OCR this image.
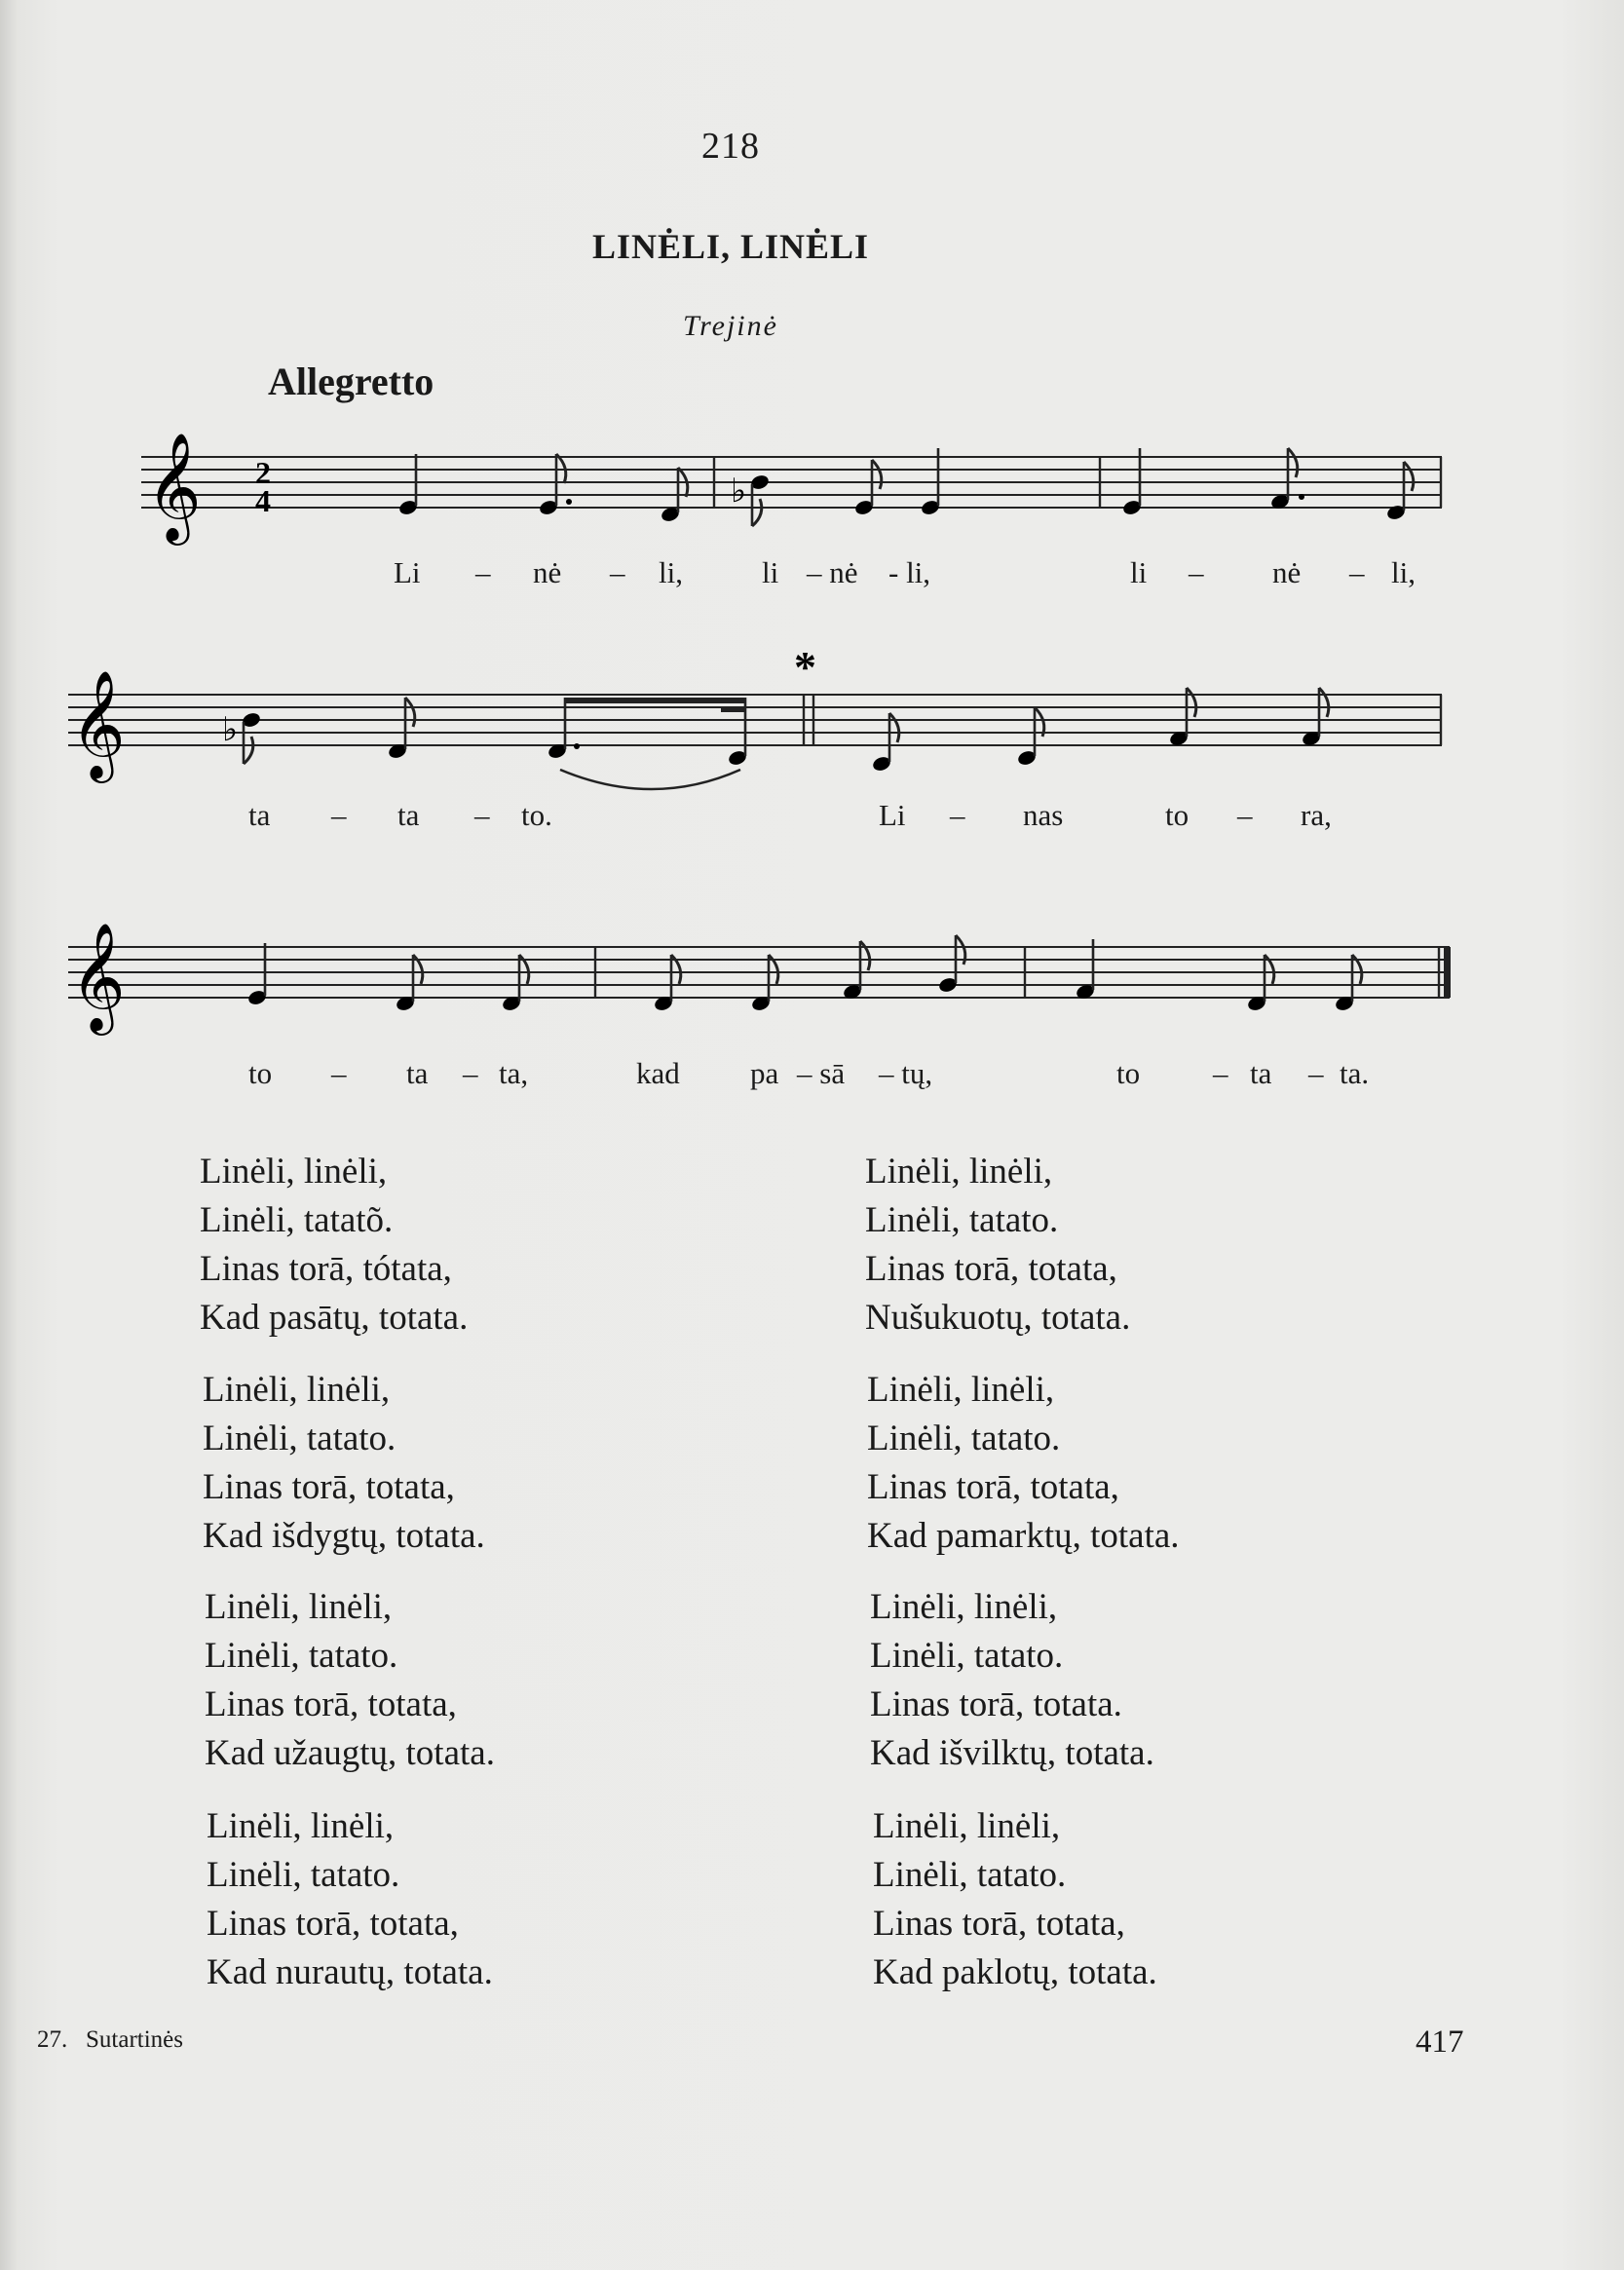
218
LINĖLI, LINĖLI
Trejinė
Allegretto
𝄞 2
4	♭
Li – nė – li,	li – nė - li,	li – nė – li,
𝄞
*
♭
ta – ta – to.	Li – nas	to – ra,
𝄞
to – ta – ta,	kad pa – sā – tų,	to – ta – ta.
Linėli, linėli,
Linėli, tatatõ.
Linas torā, tótata,
Kad pasātų, totata.
Linėli, linėli,
Linėli, tatato.
Linas torā, totata,
Kad išdygtų, totata.
Linėli, linėli,
Linėli, tatato.
Linas torā, totata,
Kad užaugtų, totata.
Linėli, linėli,
Linėli, tatato.
Linas torā, totata,
Kad nurautų, totata.
Linėli, linėli,
Linėli, tatato.
Linas torā, totata,
Nušukuotų, totata.
Linėli, linėli,
Linėli, tatato.
Linas torā, totata,
Kad pamarktų, totata.
Linėli, linėli,
Linėli, tatato.
Linas torā, totata.
Kad išvilktų, totata.
Linėli, linėli,
Linėli, tatato.
Linas torā, totata,
Kad paklotų, totata.
27.   Sutartinės	417
